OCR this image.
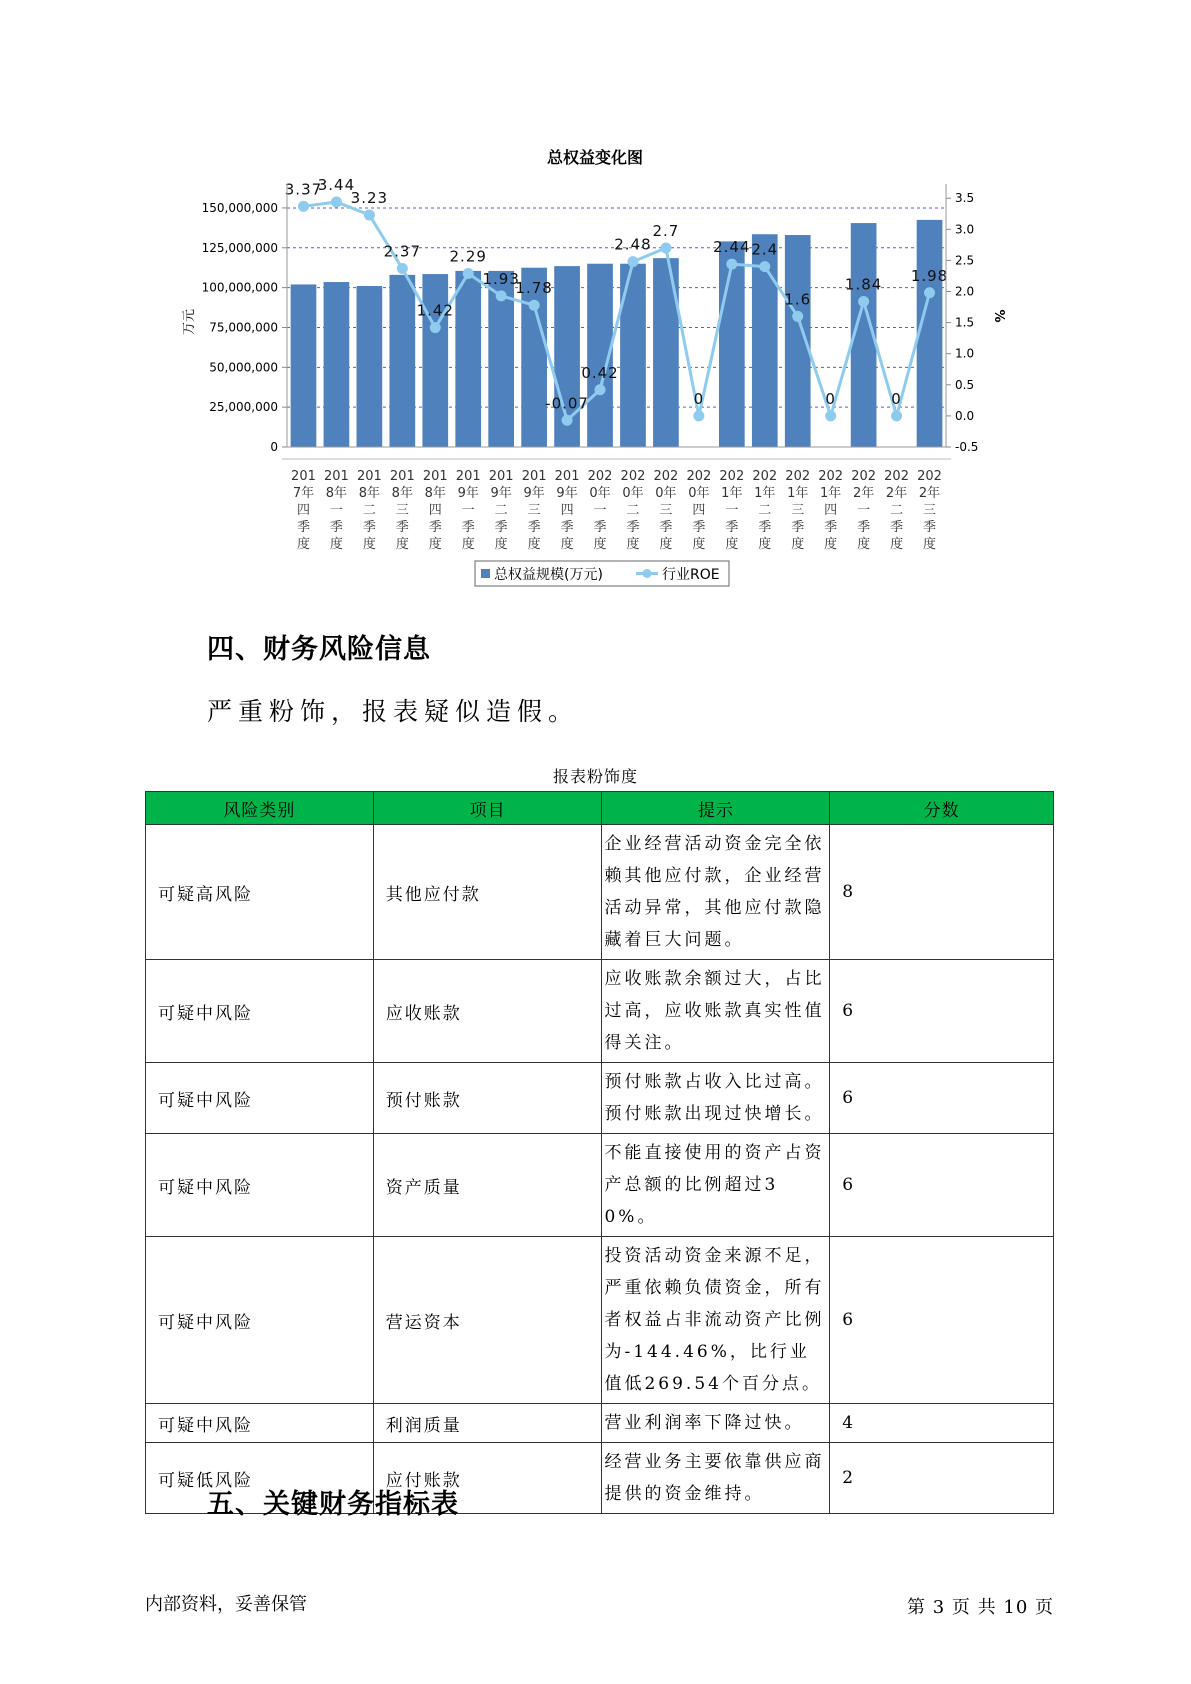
总权益变化图
3.37
3.44
3.23
2.37
1.42
2.29
1.93
1.78
-0.07
0.42
2.48
2.7
0
2.44 2.4
1.6
0
1.84
0
1.98
0
25,000,000
50,000,000
75,000,000
100,000,000
125,000,000
150,000,000
-0.5
0.0
0.5
1.0
1.5
2.0
2.5
3.0
3.5
201
7年
四
季
度
201
8年
一
季
度
201
8年
二
季
度
201
8年
三
季
度
201
8年
四
季
度
201
9年
一
季
度
201
9年
二
季
度
201
9年
三
季
度
201
9年
四
季
度
202
0年
一
季
度
202
0年
二
季
度
202
0年
三
季
度
202
0年
四
季
度
202
1年
一
季
度
202
1年
二
季
度
202
1年
三
季
度
202
1年
四
季
度
202
2年
一
季
度
202
2年
二
季
度
202
2年
三
季
度
万元	%
总权益规模(万元)	行业ROE
四、财务风险信息
严重粉饰，报表疑似造假。
报表粉饰度
风险类别	项目	提示	分数
可疑高风险	其他应付款	企业经营活动资金完全依赖其他应付款，企业经营活动异常，其他应付款隐藏着巨大问题。	8
可疑中风险	应收账款	应收账款余额过大，占比过高，应收账款真实性值得关注。	6
可疑中风险	预付账款	预付账款占收入比过高。预付账款出现过快增长。	6
可疑中风险	资产质量	不能直接使用的资产占资产总额的比例超过30%。	6
可疑中风险	营运资本	投资活动资金来源不足，严重依赖负债资金，所有者权益占非流动资产比例为-144.46%，比行业值低269.54个百分点。	6
可疑中风险	利润质量	营业利润率下降过快。	4
可疑低风险	应付账款	经营业务主要依靠供应商提供的资金维持。	2
五、关键财务指标表
内部资料，妥善保管	第 3 页 共 10 页
